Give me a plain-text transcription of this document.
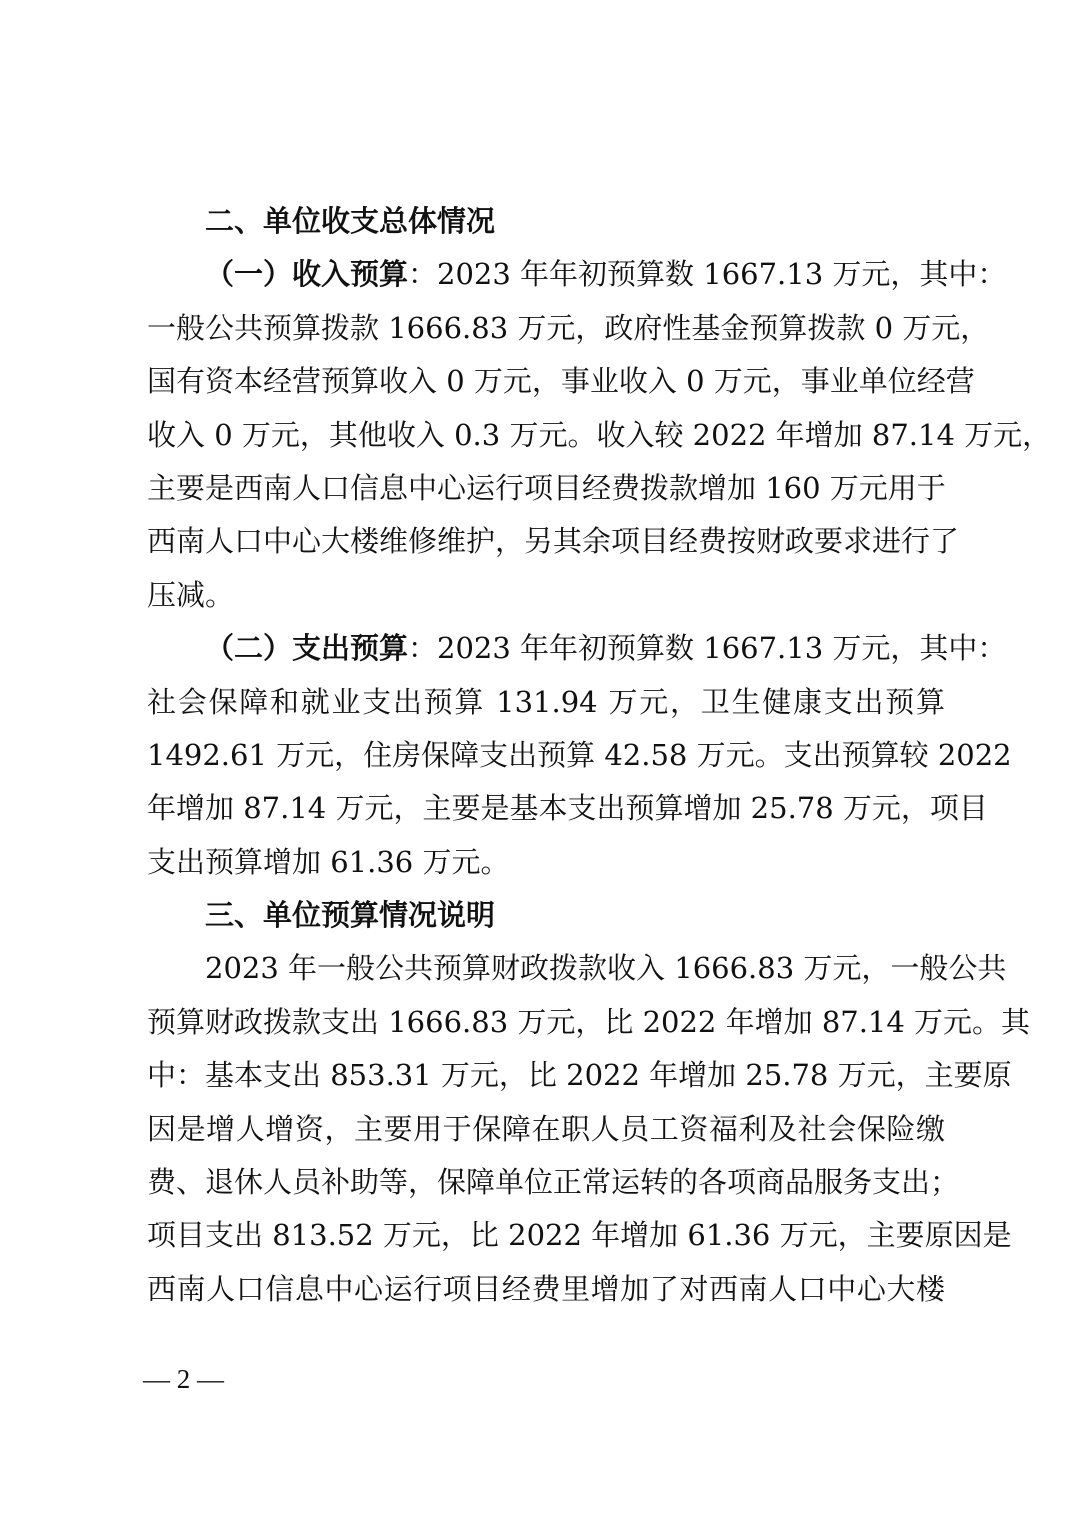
二、单位收支总体情况
（一）收入预算：2023 年年初预算数 1667.13 万元，其中：
一般公共预算拨款 1666.83 万元，政府性基金预算拨款 0 万元，
国有资本经营预算收入 0 万元，事业收入 0 万元，事业单位经营
收入 0 万元，其他收入 0.3 万元。收入较 2022 年增加 87.14 万元，
主要是西南人口信息中心运行项目经费拨款增加 160 万元用于
西南人口中心大楼维修维护，另其余项目经费按财政要求进行了
压减。
（二）支出预算：2023 年年初预算数 1667.13 万元，其中：
社会保障和就业支出预算 131.94 万元，卫生健康支出预算
1492.61 万元，住房保障支出预算 42.58 万元。支出预算较 2022
年增加 87.14 万元，主要是基本支出预算增加 25.78 万元，项目
支出预算增加 61.36 万元。
三、单位预算情况说明
2023 年一般公共预算财政拨款收入 1666.83 万元，一般公共
预算财政拨款支出 1666.83 万元，比 2022 年增加 87.14 万元。其
中：基本支出 853.31 万元，比 2022 年增加 25.78 万元，主要原
因是增人增资，主要用于保障在职人员工资福利及社会保险缴
费、退休人员补助等，保障单位正常运转的各项商品服务支出；
项目支出 813.52 万元，比 2022 年增加 61.36 万元，主要原因是
西南人口信息中心运行项目经费里增加了对西南人口中心大楼
— 2 —
